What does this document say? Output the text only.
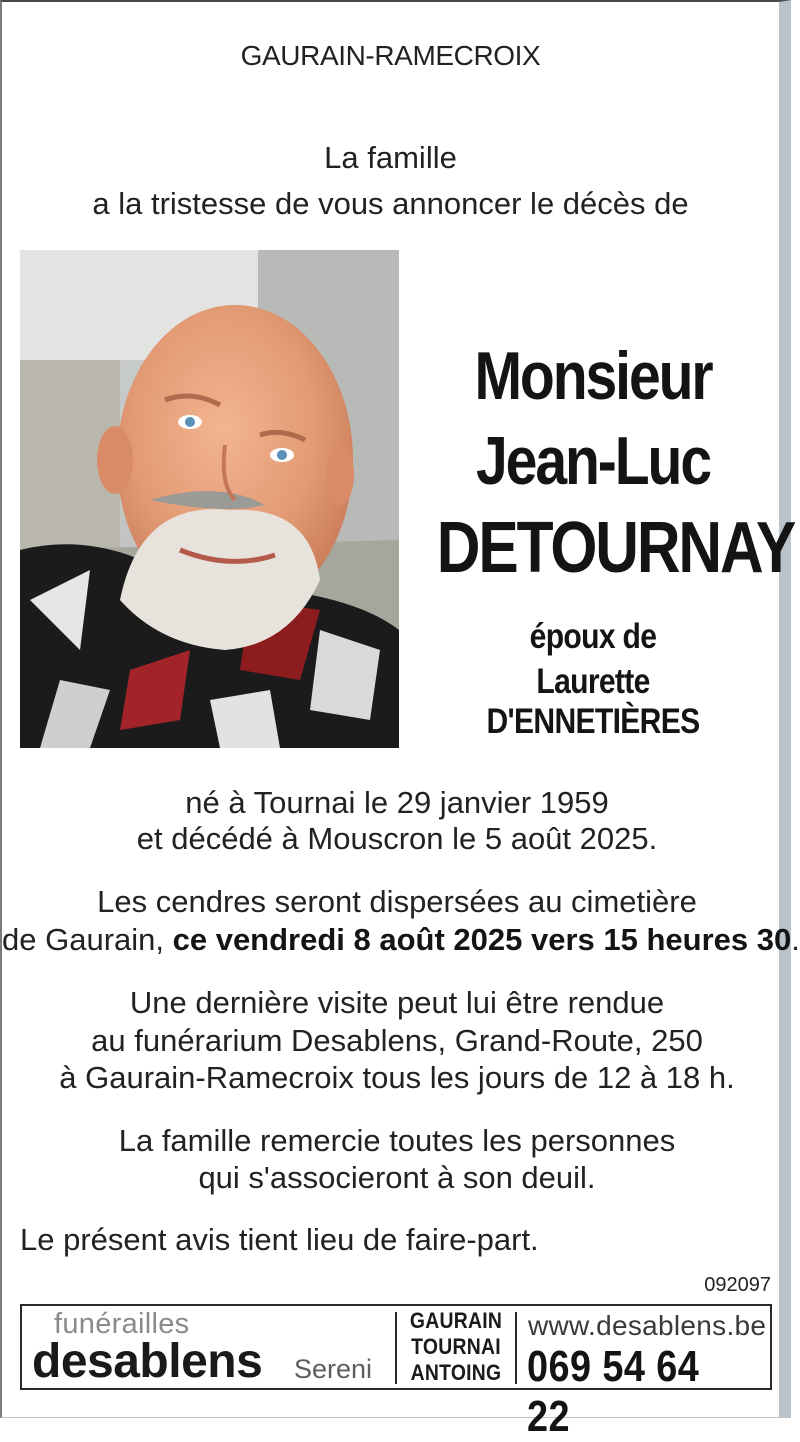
GAURAIN-RAMECROIX
La famille
a la tristesse de vous annoncer le décès de
Monsieur
Jean-Luc
DETOURNAY
époux de
Laurette D'ENNETIÈRES
né à Tournai le 29 janvier 1959
et décédé à Mouscron le 5 août 2025.
Les cendres seront dispersées au cimetière
de Gaurain, ce vendredi 8 août 2025 vers 15 heures 30.
Une dernière visite peut lui être rendue
au funérarium Desablens, Grand-Route, 250
à Gaurain-Ramecroix tous les jours de 12 à 18 h.
La famille remercie toutes les personnes
qui s'associeront à son deuil.
Le présent avis tient lieu de faire-part.
092097
funérailles
desablens Sereni
GAURAIN
TOURNAI
ANTOING
www.desablens.be
069 54 64 22
